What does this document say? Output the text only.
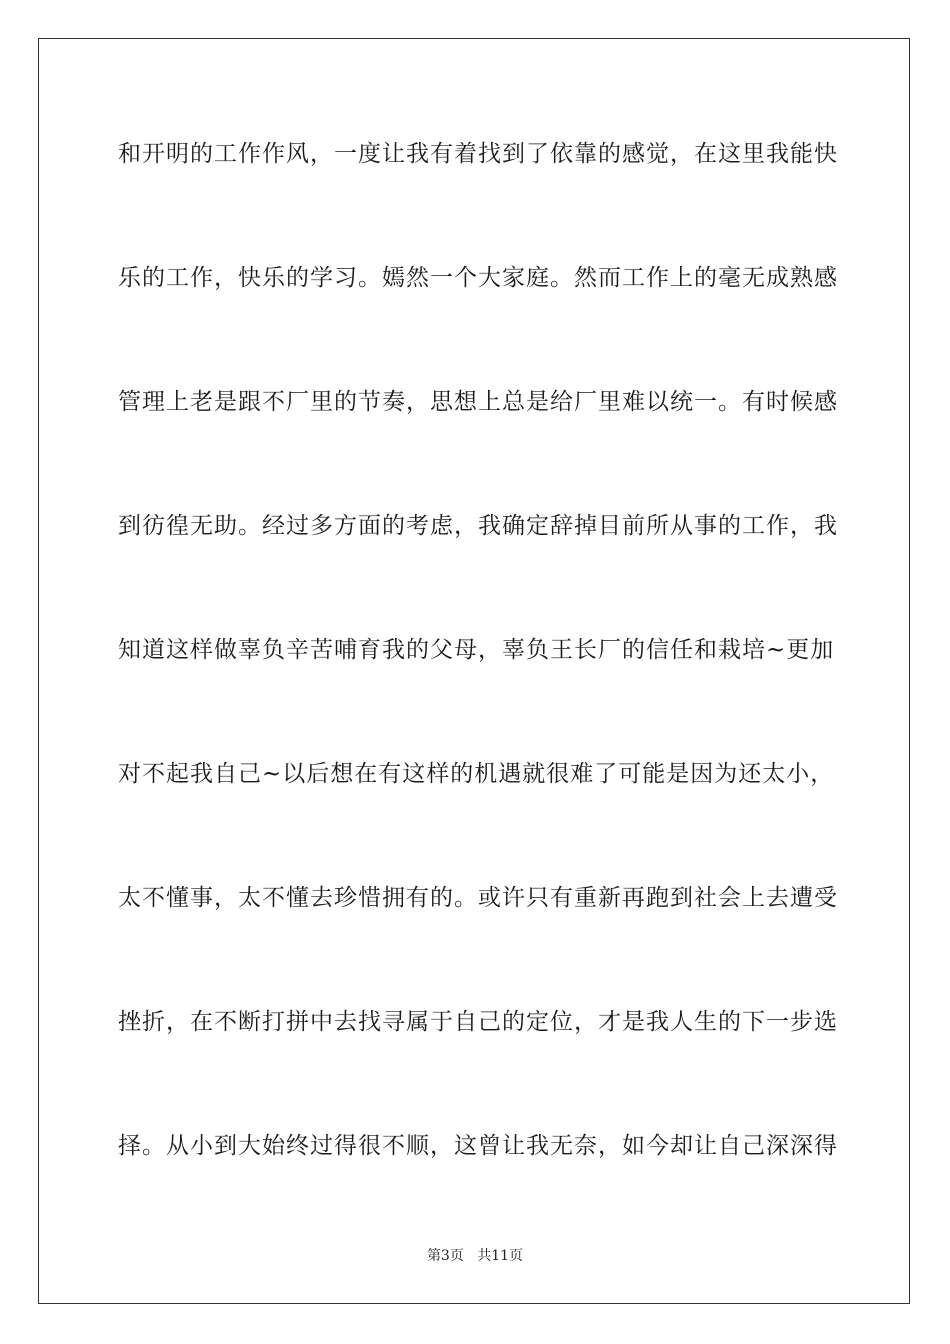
和开明的工作作风，一度让我有着找到了依靠的感觉，在这里我能快
乐的工作，快乐的学习。嫣然一个大家庭。然而工作上的毫无成熟感
管理上老是跟不厂里的节奏，思想上总是给厂里难以统一。有时候感
到彷徨无助。经过多方面的考虑，我确定辞掉目前所从事的工作，我
知道这样做辜负辛苦哺育我的父母，辜负王长厂的信任和栽培~更加
对不起我自己~以后想在有这样的机遇就很难了可能是因为还太小，
太不懂事，太不懂去珍惜拥有的。或许只有重新再跑到社会上去遭受
挫折，在不断打拼中去找寻属于自己的定位，才是我人生的下一步选
择。从小到大始终过得很不顺，这曾让我无奈，如今却让自己深深得
第3页 共11页
